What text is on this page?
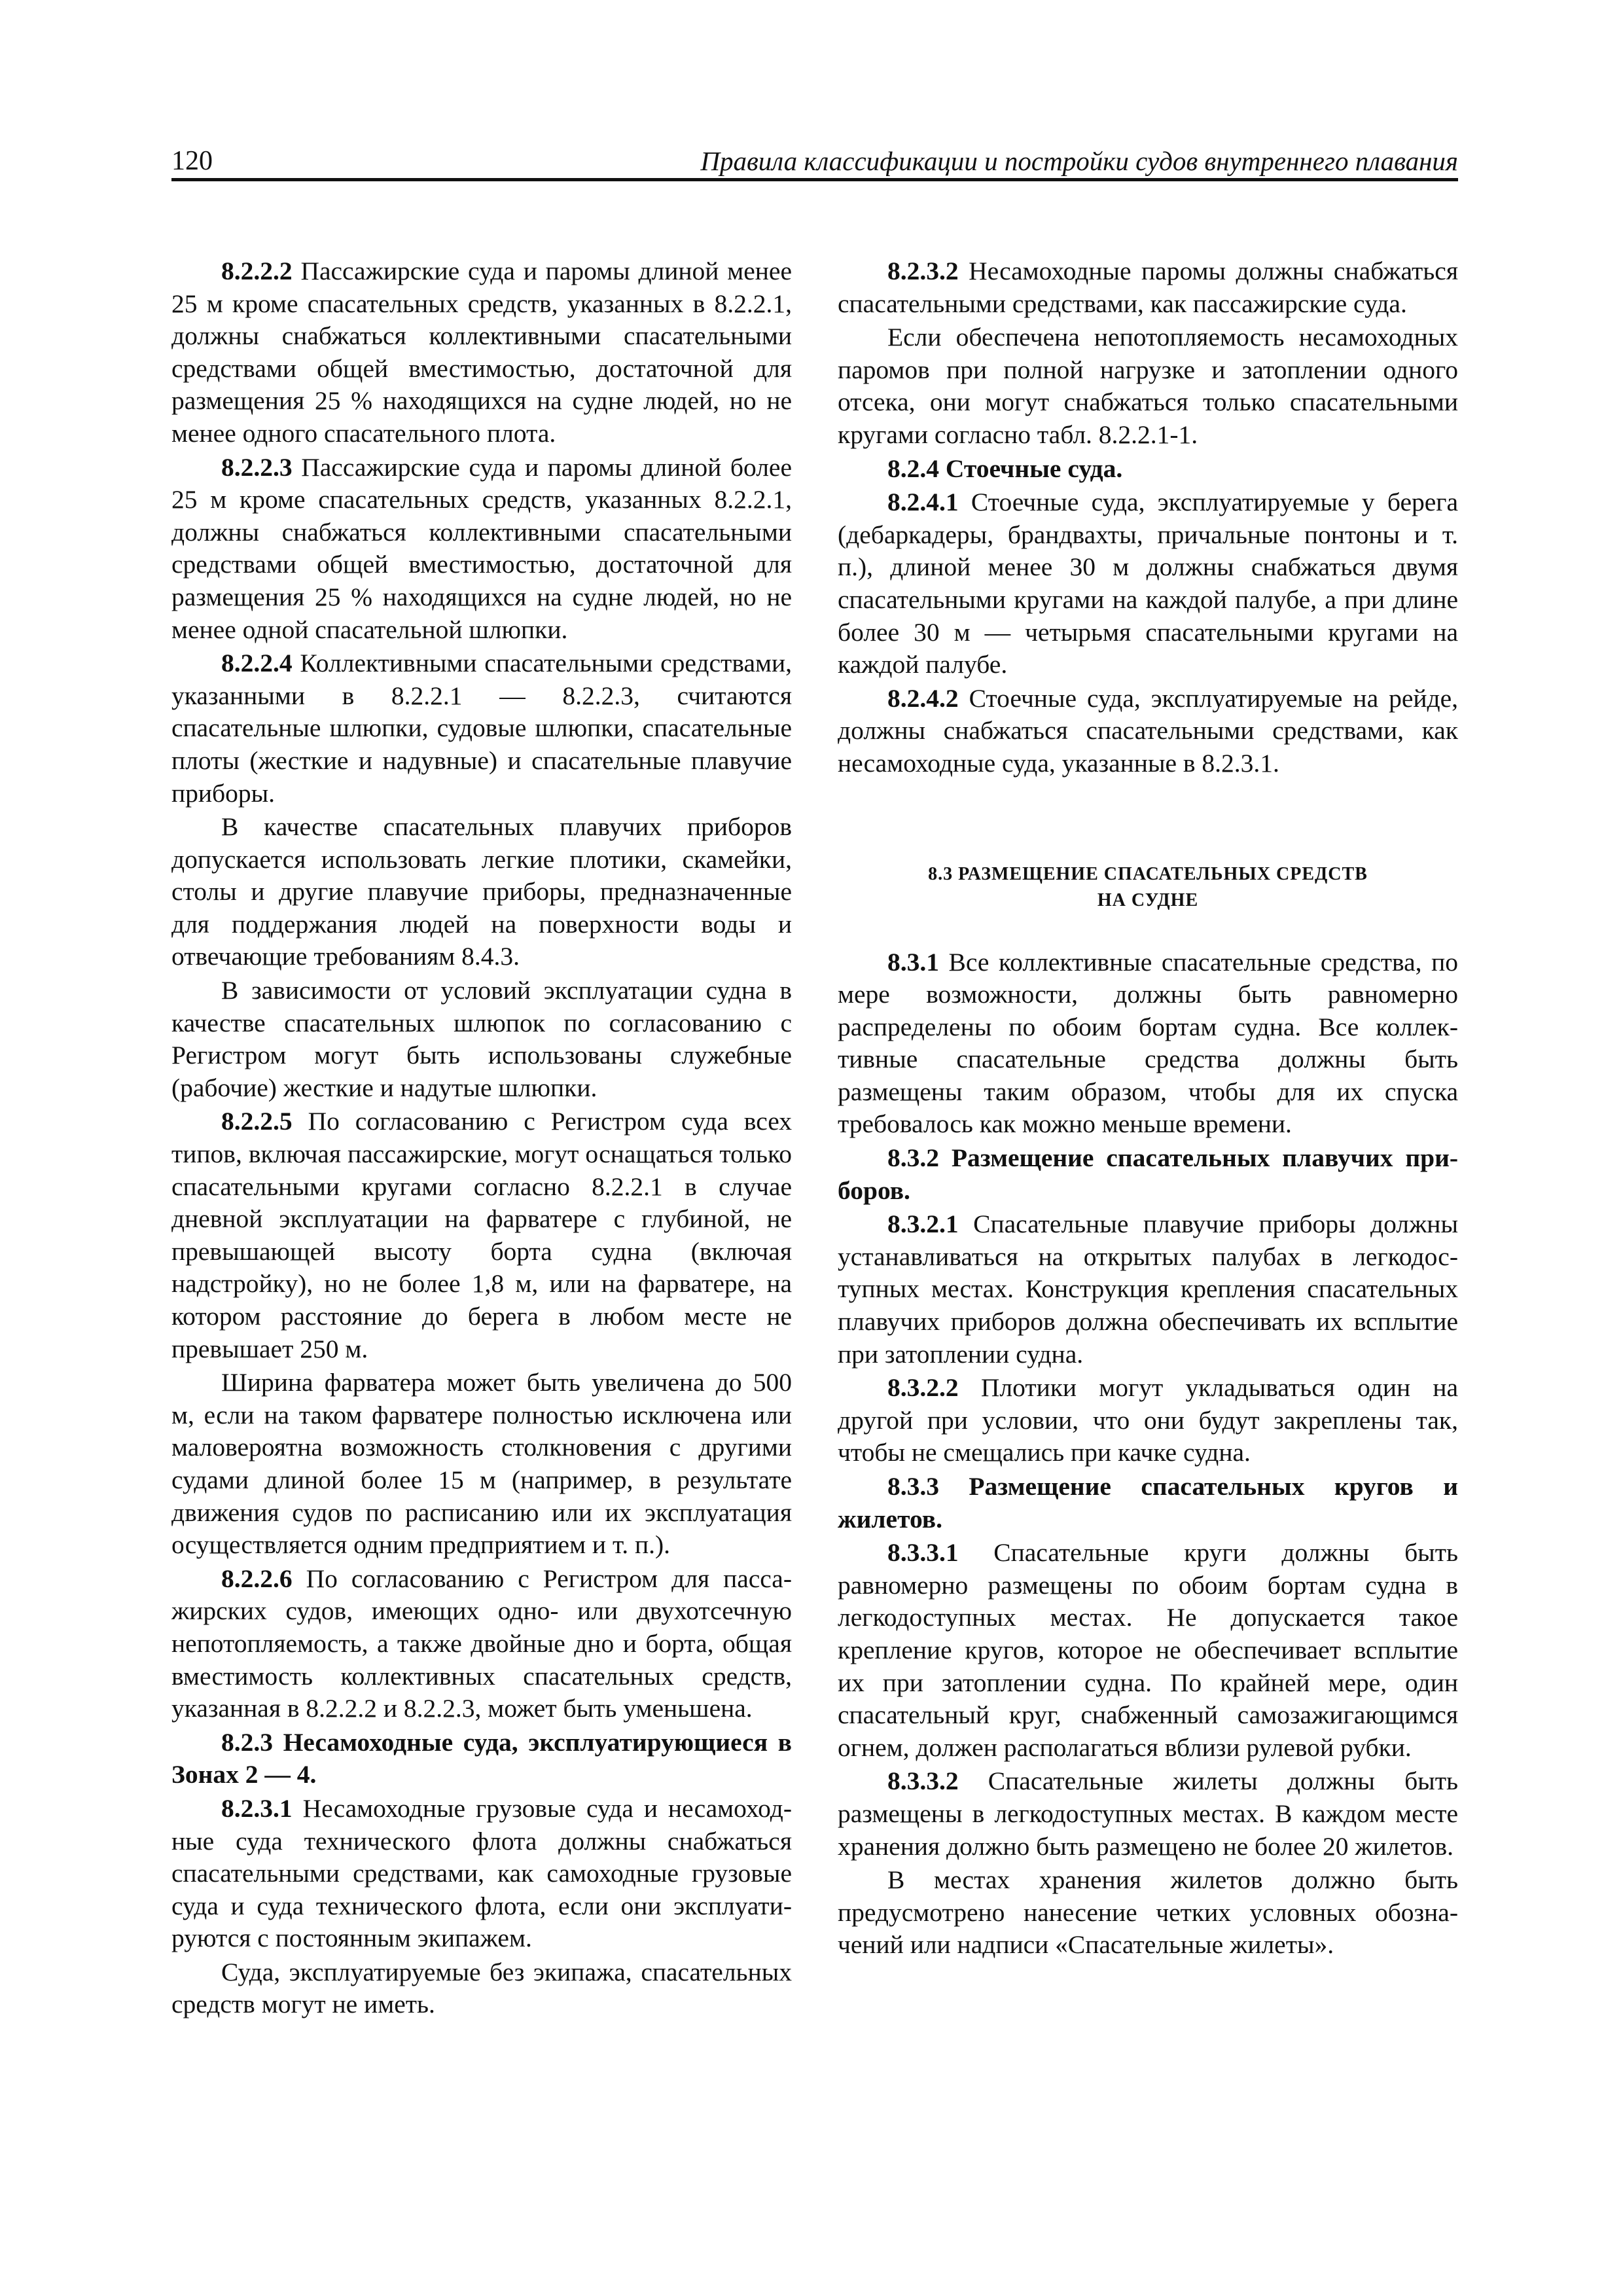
120	Правила классификации и постройки судов внутреннего плавания

8.2.2.2 Пассажирские суда и паромы длиной менее 25 м кроме спасательных средств, указанных в 8.2.2.1, должны снабжаться коллективными спасательными средствами общей вместимостью, достаточной для размещения 25 % находящихся на судне людей, но не менее одного спасательного плота.

8.2.2.3 Пассажирские суда и паромы длиной более 25 м кроме спасательных средств, указанных 8.2.2.1, должны снабжаться коллективными спасательными средствами общей вместимостью, достаточной для размещения 25 % находящихся на судне людей, но не менее одной спасательной шлюпки.

8.2.2.4 Коллективными спасательными средствами, указанными в 8.2.2.1 — 8.2.2.3, считаются спасательные шлюпки, судовые шлюпки, спасательные плоты (жесткие и надувные) и спасательные плавучие приборы.

В качестве спасательных плавучих приборов допускается использовать легкие плотики, скамейки, столы и другие плавучие приборы, предназначенные для поддержания людей на поверхности воды и отвечающие требованиям 8.4.3.

В зависимости от условий эксплуатации судна в качестве спасательных шлюпок по согласованию с Регистром могут быть использованы служебные (рабочие) жесткие и надутые шлюпки.

8.2.2.5 По согласованию с Регистром суда всех типов, включая пассажирские, могут оснащаться только спасательными кругами согласно 8.2.2.1 в случае дневной эксплуатации на фарватере с глубиной, не превышающей высоту борта судна (включая надстройку), но не более 1,8 м, или на фарватере, на котором расстояние до берега в любом месте не превышает 250 м.

Ширина фарватера может быть увеличена до 500 м, если на таком фарватере полностью исключена или маловероятна возможность столкновения с другими судами длиной более 15 м (например, в результате движения судов по расписанию или их эксплуатация осуществляется одним предприятием и т. п.).

8.2.2.6 По согласованию с Регистром для пассажирских судов, имеющих одно- или двухотсечную непотопляемость, а также двойные дно и борта, общая вместимость коллективных спасательных средств, указанная в 8.2.2.2 и 8.2.2.3, может быть уменьшена.

8.2.3 Несамоходные суда, эксплуатирующиеся в Зонах 2 — 4.

8.2.3.1 Несамоходные грузовые суда и несамоходные суда технического флота должны снабжаться спасательными средствами, как самоходные грузовые суда и суда технического флота, если они эксплуатируются с постоянным экипажем.

Суда, эксплуатируемые без экипажа, спасательных средств могут не иметь.

8.2.3.2 Несамоходные паромы должны снабжаться спасательными средствами, как пассажирские суда.

Если обеспечена непотопляемость несамоходных паромов при полной нагрузке и затоплении одного отсека, они могут снабжаться только спасательными кругами согласно табл. 8.2.2.1-1.

8.2.4 Стоечные суда.

8.2.4.1 Стоечные суда, эксплуатируемые у берега (дебаркадеры, брандвахты, причальные понтоны и т. п.), длиной менее 30 м должны снабжаться двумя спасательными кругами на каждой палубе, а при длине более 30 м — четырьмя спасательными кругами на каждой палубе.

8.2.4.2 Стоечные суда, эксплуатируемые на рейде, должны снабжаться спасательными средствами, как несамоходные суда, указанные в 8.2.3.1.

8.3 РАЗМЕЩЕНИЕ СПАСАТЕЛЬНЫХ СРЕДСТВ
НА СУДНЕ

8.3.1 Все коллективные спасательные средства, по мере возможности, должны быть равномерно распределены по обоим бортам судна. Все коллективные спасательные средства должны быть размещены таким образом, чтобы для их спуска требовалось как можно меньше времени.

8.3.2 Размещение спасательных плавучих приборов.

8.3.2.1 Спасательные плавучие приборы должны устанавливаться на открытых палубах в легкодоступных местах. Конструкция крепления спасательных плавучих приборов должна обеспечивать их всплытие при затоплении судна.

8.3.2.2 Плотики могут укладываться один на другой при условии, что они будут закреплены так, чтобы не смещались при качке судна.

8.3.3 Размещение спасательных кругов и жилетов.

8.3.3.1 Спасательные круги должны быть равномерно размещены по обоим бортам судна в легкодоступных местах. Не допускается такое крепление кругов, которое не обеспечивает всплытие их при затоплении судна. По крайней мере, один спасательный круг, снабженный самозажигающимся огнем, должен располагаться вблизи рулевой рубки.

8.3.3.2 Спасательные жилеты должны быть размещены в легкодоступных местах. В каждом месте хранения должно быть размещено не более 20 жилетов.

В местах хранения жилетов должно быть предусмотрено нанесение четких условных обозначений или надписи «Спасательные жилеты».
